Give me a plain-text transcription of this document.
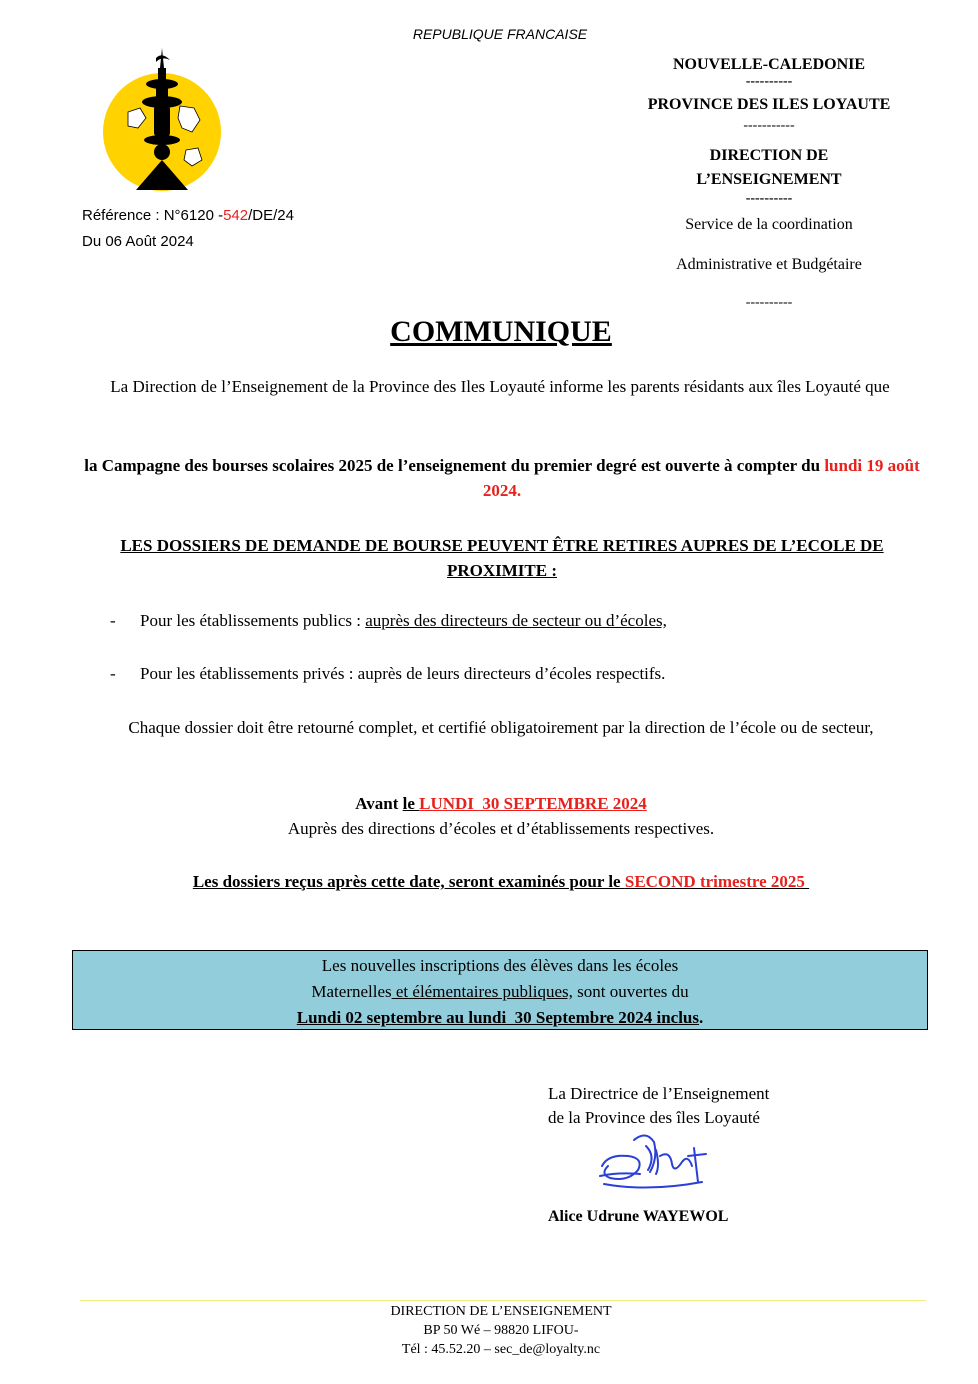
REPUBLIQUE FRANCAISE
Référence : N°6120 -542/DE/24
Du 06 Août 2024
NOUVELLE-CALEDONIE
----------
PROVINCE DES ILES LOYAUTE
-----------
DIRECTION DE
L’ENSEIGNEMENT
----------
Service de la coordination
Administrative et Budgétaire
----------
COMMUNIQUE
La Direction de l’Enseignement de la Province des Iles Loyauté informe les parents résidants aux îles Loyauté que
la Campagne des bourses scolaires 2025 de l’enseignement du premier degré est ouverte à compter du lundi 19 août 2024.
LES DOSSIERS DE DEMANDE DE BOURSE PEUVENT ÊTRE RETIRES AUPRES DE L’ECOLE DE PROXIMITE :
- Pour les établissements publics : auprès des directeurs de secteur ou d’écoles,
- Pour les établissements privés : auprès de leurs directeurs d’écoles respectifs.
Chaque dossier doit être retourné complet, et certifié obligatoirement par la direction de l’école ou de secteur,
Avant le LUNDI  30 SEPTEMBRE 2024
Auprès des directions d’écoles et d’établissements respectives.
Les dossiers reçus après cette date, seront examinés pour le SECOND trimestre 2025
Les nouvelles inscriptions des élèves dans les écoles
Maternelles et élémentaires publiques, sont ouvertes du
Lundi 02 septembre au lundi  30 Septembre 2024 inclus.
La Directrice de l’Enseignement
de la Province des îles Loyauté
Alice Udrune WAYEWOL
DIRECTION DE L’ENSEIGNEMENT
BP 50 Wé – 98820 LIFOU-
Tél : 45.52.20 – sec_de@loyalty.nc
